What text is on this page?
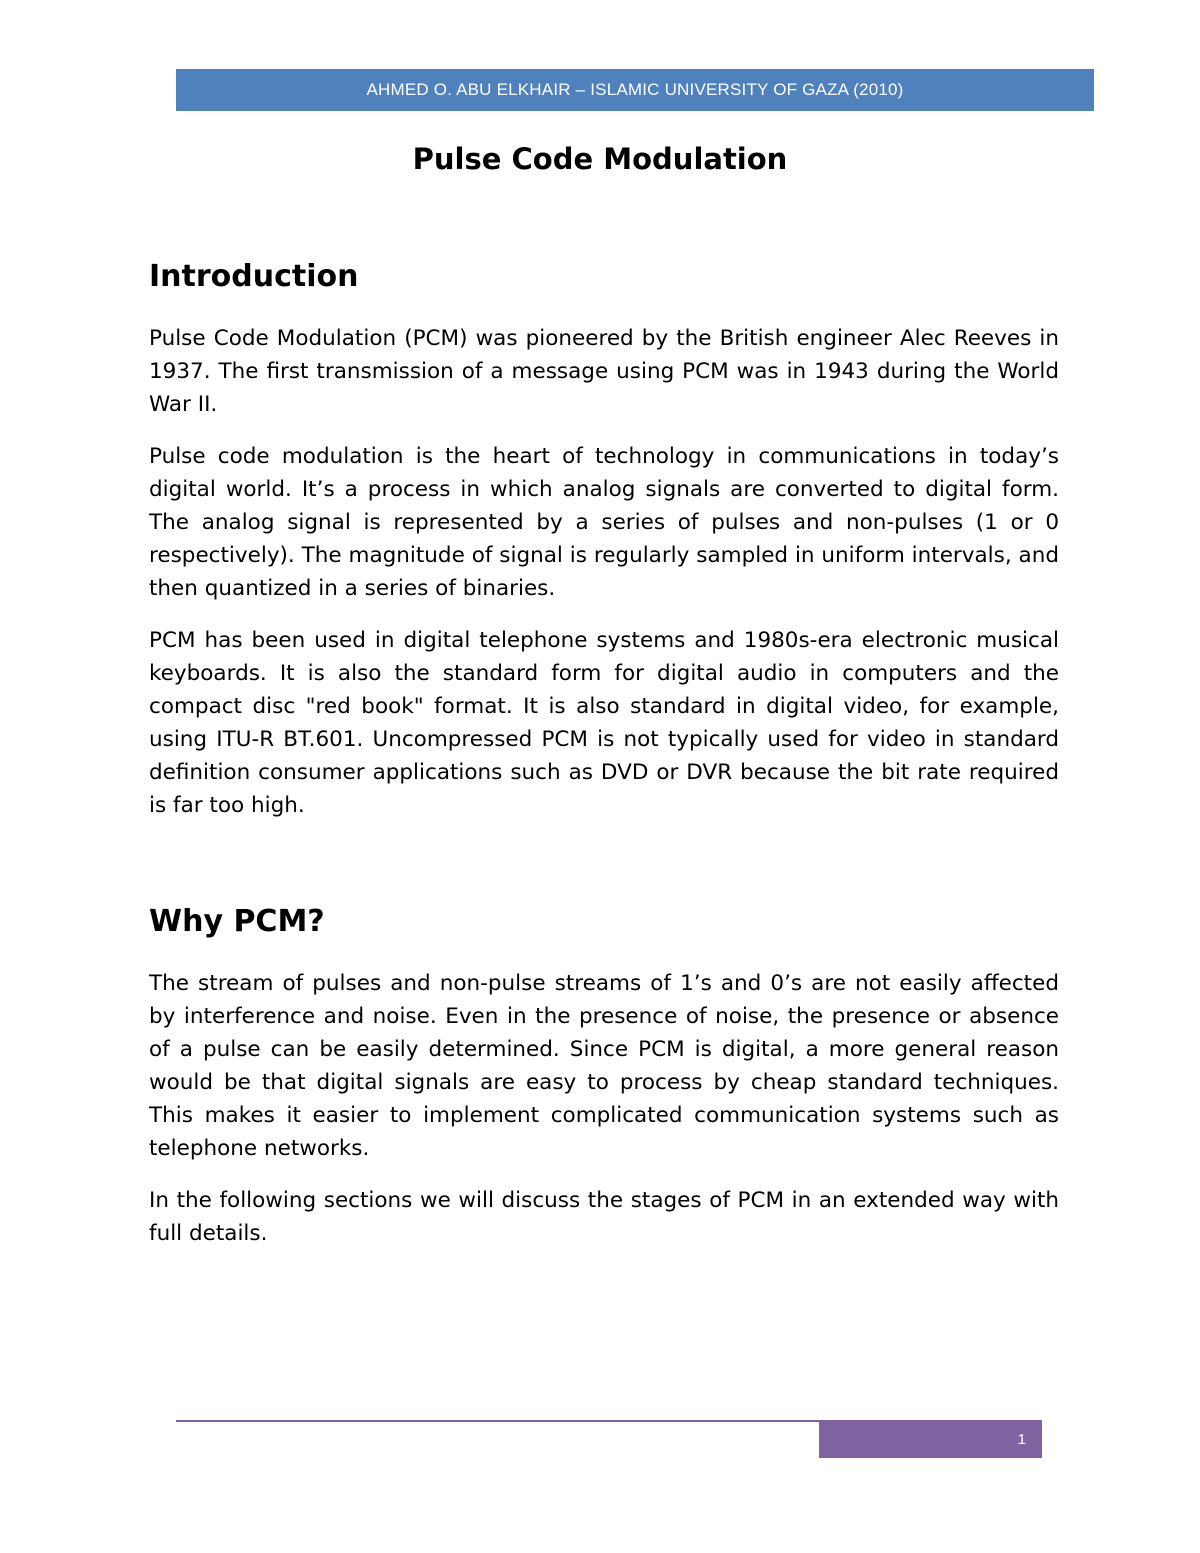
AHMED O. ABU ELKHAIR – ISLAMIC UNIVERSITY OF GAZA (2010)
Pulse Code Modulation
Introduction

Pulse Code Modulation (PCM) was pioneered by the British engineer Alec Reeves in 1937. The first transmission of a message using PCM was in 1943 during the World War II.

Pulse code modulation is the heart of technology in communications in today’s digital world. It’s a process in which analog signals are converted to digital form. The analog signal is represented by a series of pulses and non-pulses (1 or 0 respectively). The magnitude of signal is regularly sampled in uniform intervals, and then quantized in a series of binaries.

PCM has been used in digital telephone systems and 1980s-era electronic musical keyboards. It is also the standard form for digital audio in computers and the compact disc "red book" format. It is also standard in digital video, for example, using ITU-R BT.601. Uncompressed PCM is not typically used for video in standard definition consumer applications such as DVD or DVR because the bit rate required is far too high.

Why PCM?

The stream of pulses and non-pulse streams of 1’s and 0’s are not easily affected by interference and noise. Even in the presence of noise, the presence or absence of a pulse can be easily determined. Since PCM is digital, a more general reason would be that digital signals are easy to process by cheap standard techniques. This makes it easier to implement complicated communication systems such as telephone networks.

In the following sections we will discuss the stages of PCM in an extended way with full details.

1
